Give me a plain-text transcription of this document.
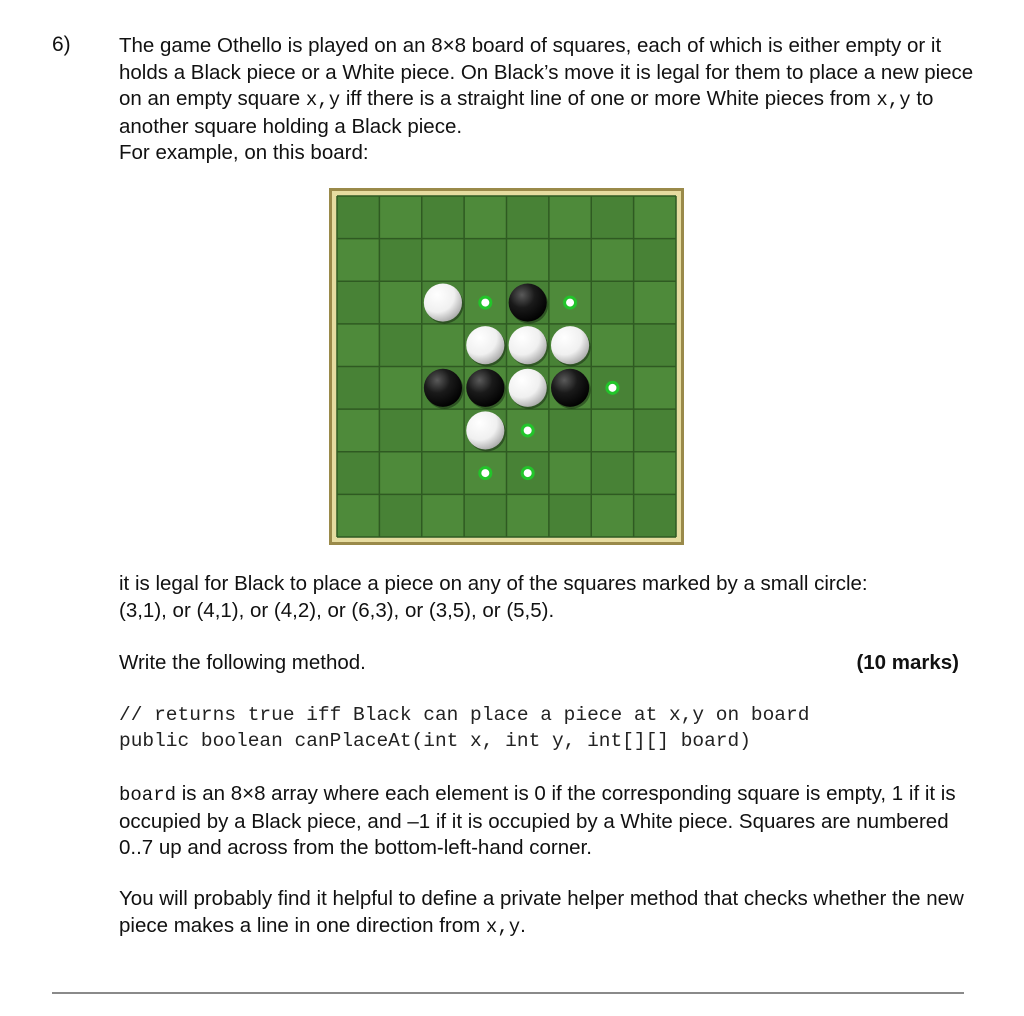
6) The game Othello is played on an 8×8 board of squares, each of which is either empty or it holds a Black piece or a White piece. On Black’s move it is legal for them to place a new piece on an empty square x,y iff there is a straight line of one or more White pieces from x,y to another square holding a Black piece.
For example, on this board:
it is legal for Black to place a piece on any of the squares marked by a small circle:
(3,1), or (4,1), or (4,2), or (6,3), or (3,5), or (5,5).
Write the following method.	(10 marks)
// returns true iff Black can place a piece at x,y on board
public boolean canPlaceAt(int x, int y, int[][] board)
board is an 8×8 array where each element is 0 if the corresponding square is empty, 1 if it is occupied by a Black piece, and –1 if it is occupied by a White piece. Squares are numbered 0..7 up and across from the bottom-left-hand corner.
You will probably find it helpful to define a private helper method that checks whether the new piece makes a line in one direction from x,y.
